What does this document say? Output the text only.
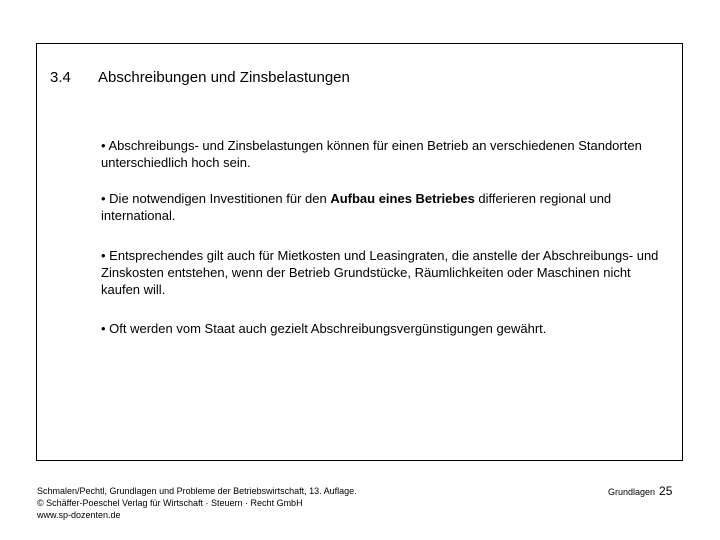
3.4 Abschreibungen und Zinsbelastungen
• Abschreibungs- und Zinsbelastungen können für einen Betrieb an verschiedenen Standorten unterschiedlich hoch sein.
• Die notwendigen Investitionen für den Aufbau eines Betriebes differieren regional und international.
• Entsprechendes gilt auch für Mietkosten und Leasingraten, die anstelle der Abschreibungs- und Zinskosten entstehen, wenn der Betrieb Grundstücke, Räumlichkeiten oder Maschinen nicht kaufen will.
• Oft werden vom Staat auch gezielt Abschreibungsvergünstigungen gewährt.
Schmalen/Pechtl, Grundlagen und Probleme der Betriebswirtschaft, 13. Auflage.
© Schäffer-Poeschel Verlag für Wirtschaft · Steuern · Recht GmbH
www.sp-dozenten.de
Grundlagen 25
